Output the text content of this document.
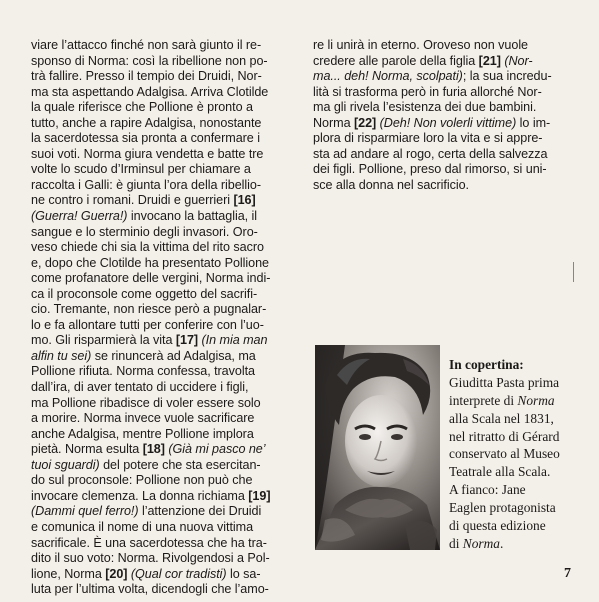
viare l’attacco finché non sarà giunto il re-
sponso di Norma: così la ribellione non po-
trà fallire. Presso il tempio dei Druidi, Nor-
ma sta aspettando Adalgisa. Arriva Clotilde
la quale riferisce che Pollione è pronto a
tutto, anche a rapire Adalgisa, nonostante
la sacerdotessa sia pronta a confermare i
suoi voti. Norma giura vendetta e batte tre
volte lo scudo d’Irminsul per chiamare a
raccolta i Galli: è giunta l’ora della ribellio-
ne contro i romani. Druidi e guerrieri [16]
(Guerra! Guerra!) invocano la battaglia, il
sangue e lo sterminio degli invasori. Oro-
veso chiede chi sia la vittima del rito sacro
e, dopo che Clotilde ha presentato Pollione
come profanatore delle vergini, Norma indi-
ca il proconsole come oggetto del sacrifi-
cio. Tremante, non riesce però a pugnalar-
lo e fa allontare tutti per conferire con l’uo-
mo. Gli risparmierà la vita [17] (In mia man
alfin tu sei) se rinuncerà ad Adalgisa, ma
Pollione rifiuta. Norma confessa, travolta
dall’ira, di aver tentato di uccidere i figli,
ma Pollione ribadisce di voler essere solo
a morire. Norma invece vuole sacrificare
anche Adalgisa, mentre Pollione implora
pietà. Norma esulta [18] (Già mi pasco ne’
tuoi sguardi) del potere che sta esercitan-
do sul proconsole: Pollione non può che
invocare clemenza. La donna richiama [19]
(Dammi quel ferro!) l’attenzione dei Druidi
e comunica il nome di una nuova vittima
sacrificale. È una sacerdotessa che ha tra-
dito il suo voto: Norma. Rivolgendosi a Pol-
lione, Norma [20] (Qual cor tradisti) lo sa-
luta per l’ultima volta, dicendogli che l’amo-
re li unirà in eterno. Oroveso non vuole
credere alle parole della figlia [21] (Nor-
ma... deh! Norma, scolpati); la sua incredu-
lità si trasforma però in furia allorché Nor-
ma gli rivela l’esistenza dei due bambini.
Norma [22] (Deh! Non volerli vittime) lo im-
plora di risparmiare loro la vita e si appre-
sta ad andare al rogo, certa della salvezza
dei figli. Pollione, preso dal rimorso, si uni-
sce alla donna nel sacrificio.
In copertina:
Giuditta Pasta prima
interprete di Norma
alla Scala nel 1831,
nel ritratto di Gérard
conservato al Museo
Teatrale alla Scala.
A fianco: Jane
Eaglen protagonista
di questa edizione
di Norma.
7
